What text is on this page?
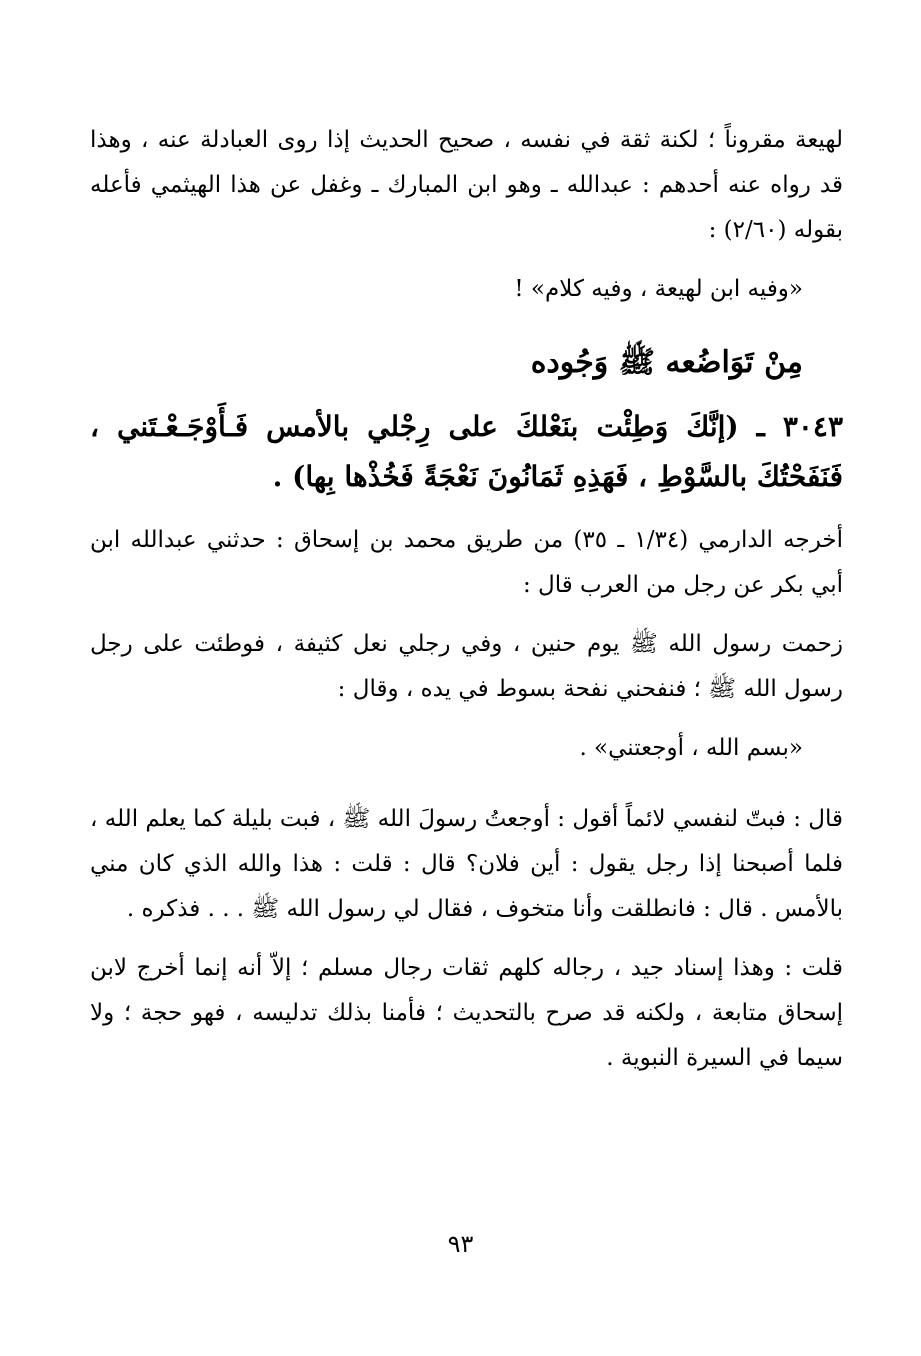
لهيعة مقروناً ؛ لكنة ثقة في نفسه ، صحيح الحديث إذا روى العبادلة عنه ، وهذا قد رواه عنه أحدهم : عبدالله ـ وهو ابن المبارك ـ وغفل عن هذا الهيثمي فأعله بقوله (٢/٦٠) :

«وفيه ابن لهيعة ، وفيه كلام» !

مِنْ تَوَاضُعه ﷺ وَجُوده

٣٠٤٣ ـ (إنَّكَ وَطِئْت بنَعْلكَ على رِجْلي بالأمس فَـأَوْجَـعْـتَني ، فَنَفَحْتُكَ بالسَّوْطِ ، فَهَذِهِ ثَمَانُونَ نَعْجَةً فَخُذْها بِها) .

أخرجه الدارمي (١/٣٤ ـ ٣٥) من طريق محمد بن إسحاق : حدثني عبدالله ابن أبي بكر عن رجل من العرب قال :

زحمت رسول الله ﷺ يوم حنين ، وفي رجلي نعل كثيفة ، فوطئت على رجل رسول الله ﷺ ؛ فنفحني نفحة بسوط في يده ، وقال :

«بسم الله ، أوجعتني» .

قال : فبتّ لنفسي لائماً أقول : أوجعتُ رسولَ الله ﷺ ، فبت بليلة كما يعلم الله ، فلما أصبحنا إذا رجل يقول : أين فلان؟ قال : قلت : هذا والله الذي كان مني بالأمس . قال : فانطلقت وأنا متخوف ، فقال لي رسول الله ﷺ . . . فذكره .

قلت : وهذا إسناد جيد ، رجاله كلهم ثقات رجال مسلم ؛ إلاّ أنه إنما أخرج لابن إسحاق متابعة ، ولكنه قد صرح بالتحديث ؛ فأمنا بذلك تدليسه ، فهو حجة ؛ ولا سيما في السيرة النبوية .

٩٣
